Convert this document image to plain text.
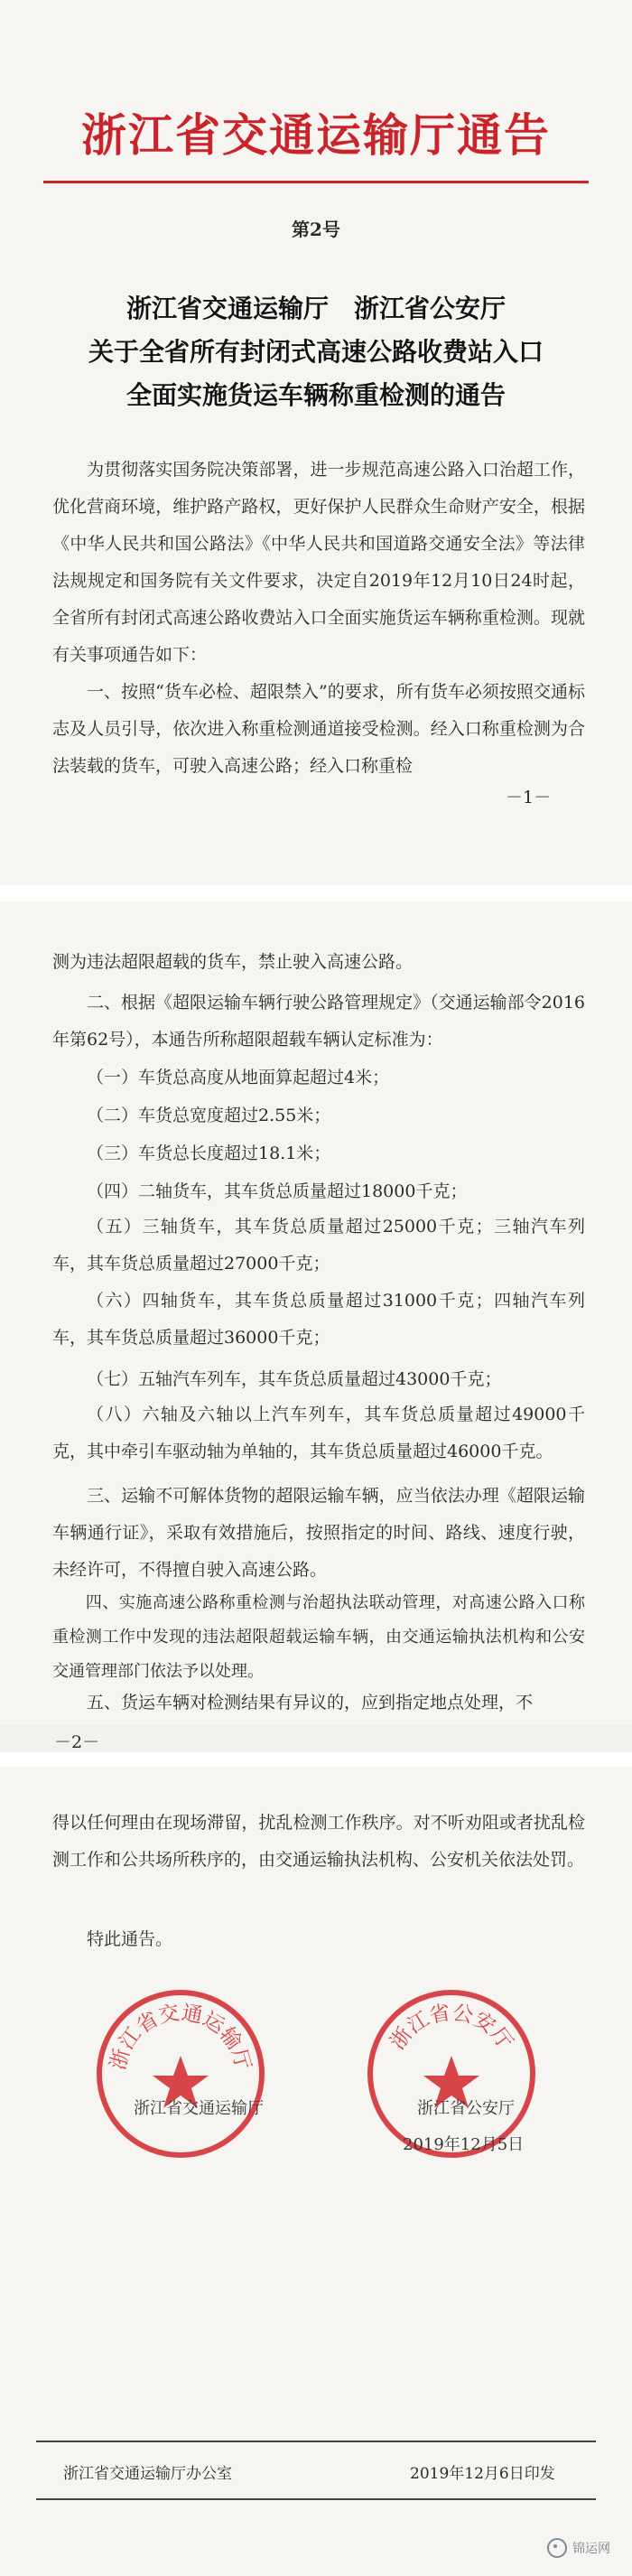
浙江省交通运输厅通告
第2号
浙江省交通运输厅　浙江省公安厅
关于全省所有封闭式高速公路收费站入口
全面实施货运车辆称重检测的通告
　　为贯彻落实国务院决策部署，进一步规范高速公路入口治超工作，优化营商环境，维护路产路权，更好保护人民群众生命财产安全，根据《中华人民共和国公路法》《中华人民共和国道路交通安全法》等法律法规规定和国务院有关文件要求，决定自2019年12月10日24时起，全省所有封闭式高速公路收费站入口全面实施货运车辆称重检测。现就有关事项通告如下：
　　一、按照“货车必检、超限禁入”的要求，所有货车必须按照交通标志及人员引导，依次进入称重检测通道接受检测。经入口称重检测为合法装载的货车，可驶入高速公路；经入口称重检
－1－
测为违法超限超载的货车，禁止驶入高速公路。
　　二、根据《超限运输车辆行驶公路管理规定》（交通运输部令2016年第62号），本通告所称超限超载车辆认定标准为：
（一）车货总高度从地面算起超过4米；
（二）车货总宽度超过2.55米；
（三）车货总长度超过18.1米；
（四）二轴货车，其车货总质量超过18000千克；
（五）三轴货车，其车货总质量超过25000千克；三轴汽车列车，其车货总质量超过27000千克；
（六）四轴货车，其车货总质量超过31000千克；四轴汽车列车，其车货总质量超过36000千克；
（七）五轴汽车列车，其车货总质量超过43000千克；
（八）六轴及六轴以上汽车列车，其车货总质量超过49000千克，其中牵引车驱动轴为单轴的，其车货总质量超过46000千克。
　　三、运输不可解体货物的超限运输车辆，应当依法办理《超限运输车辆通行证》，采取有效措施后，按照指定的时间、路线、速度行驶，未经许可，不得擅自驶入高速公路。
　　四、实施高速公路称重检测与治超执法联动管理，对高速公路入口称重检测工作中发现的违法超限超载运输车辆，由交通运输执法机构和公安交通管理部门依法予以处理。
　　五、货运车辆对检测结果有异议的，应到指定地点处理，不
－2－
得以任何理由在现场滞留，扰乱检测工作秩序。对不听劝阻或者扰乱检测工作和公共场所秩序的，由交通运输执法机构、公安机关依法处罚。
特此通告。
浙江省交通运输厅
浙江省公安厅
浙江省交通运输厅	浙江省公安厅
2019年12月5日
浙江省交通运输厅办公室	2019年12月6日印发
锦运网
